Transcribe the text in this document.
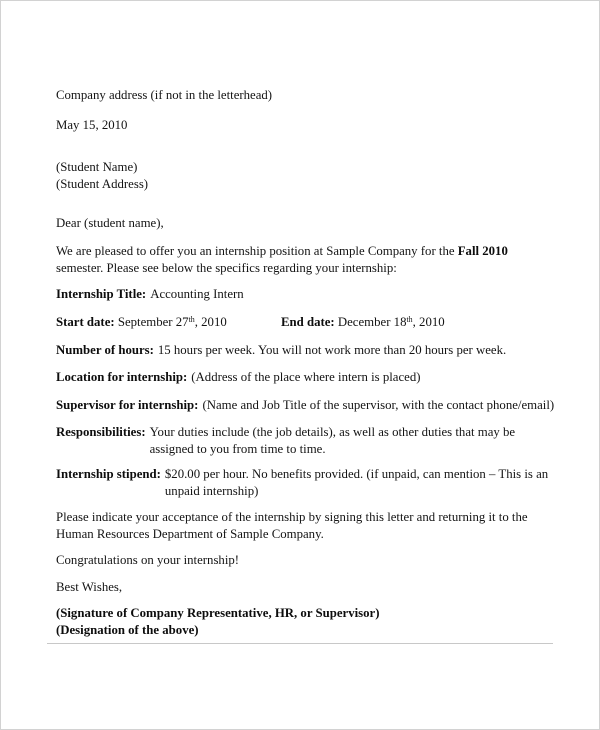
Company address (if not in the letterhead)

May 15, 2010

(Student Name)
(Student Address)

Dear (student name),

We are pleased to offer you an internship position at Sample Company for the Fall 2010
semester. Please see below the specifics regarding your internship:

Internship Title: Accounting Intern
Start date: September 27th, 2010	End date: December 18th, 2010
Number of hours: 15 hours per week. You will not work more than 20 hours per week.
Location for internship: (Address of the place where intern is placed)
Supervisor for internship: (Name and Job Title of the supervisor, with the contact phone/email)
Responsibilities: Your duties include (the job details), as well as other duties that may be
assigned to you from time to time.
Internship stipend: $20.00 per hour. No benefits provided. (if unpaid, can mention – This is an
unpaid internship)

Please indicate your acceptance of the internship by signing this letter and returning it to the
Human Resources Department of Sample Company.

Congratulations on your internship!

Best Wishes,

(Signature of Company Representative, HR, or Supervisor)
(Designation of the above)
